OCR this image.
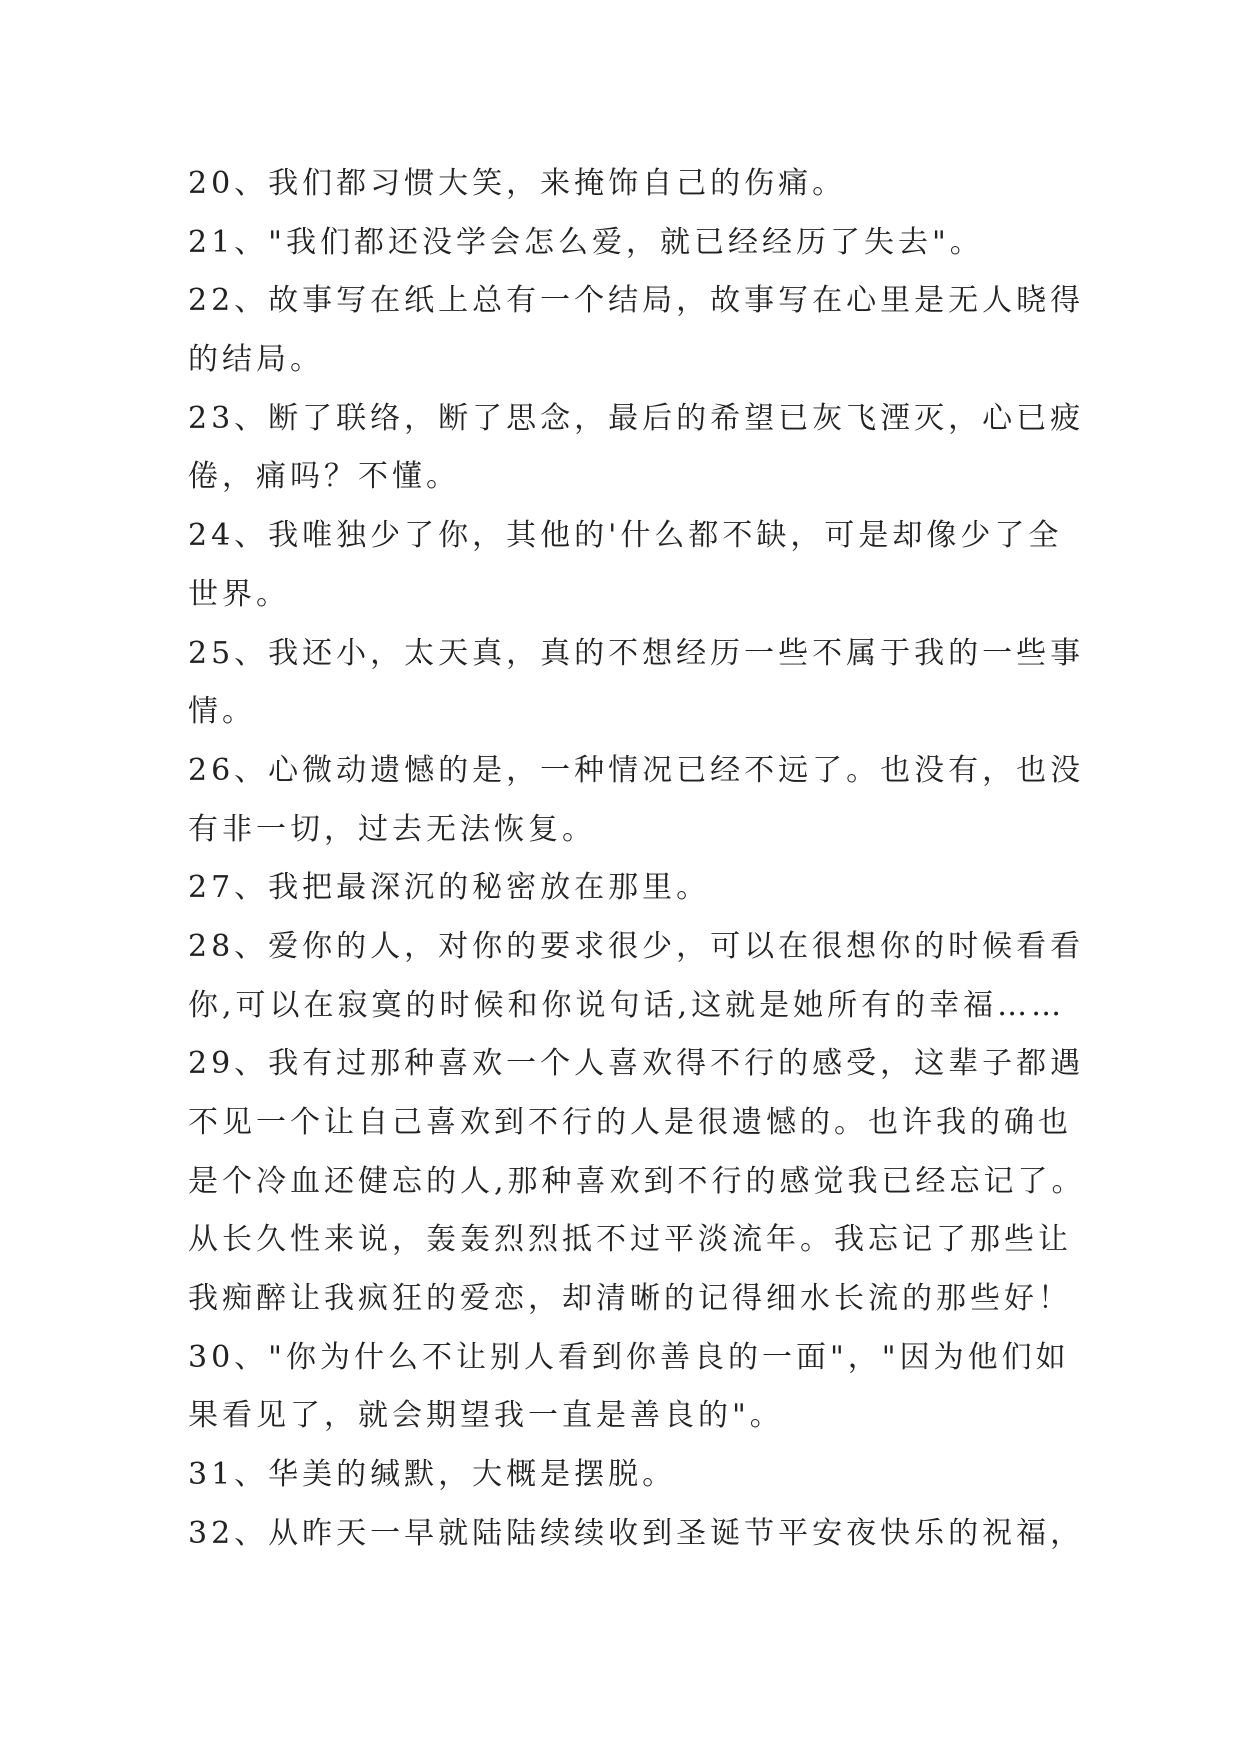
20、我们都习惯大笑，来掩饰自己的伤痛。
21、"我们都还没学会怎么爱，就已经经历了失去"。
22、故事写在纸上总有一个结局，故事写在心里是无人晓得
的结局。
23、断了联络，断了思念，最后的希望已灰飞湮灭，心已疲
倦，痛吗？不懂。
24、我唯独少了你，其他的'什么都不缺，可是却像少了全
世界。
25、我还小，太天真，真的不想经历一些不属于我的一些事
情。
26、心微动遗憾的是，一种情况已经不远了。也没有，也没
有非一切，过去无法恢复。
27、我把最深沉的秘密放在那里。
28、爱你的人，对你的要求很少，可以在很想你的时候看看
你,可以在寂寞的时候和你说句话,这就是她所有的幸福……
29、我有过那种喜欢一个人喜欢得不行的感受，这辈子都遇
不见一个让自己喜欢到不行的人是很遗憾的。也许我的确也
是个冷血还健忘的人,那种喜欢到不行的感觉我已经忘记了。
从长久性来说，轰轰烈烈抵不过平淡流年。我忘记了那些让
我痴醉让我疯狂的爱恋，却清晰的记得细水长流的那些好！
30、"你为什么不让别人看到你善良的一面"，"因为他们如
果看见了，就会期望我一直是善良的"。
31、华美的缄默，大概是摆脱。
32、从昨天一早就陆陆续续收到圣诞节平安夜快乐的祝福，
